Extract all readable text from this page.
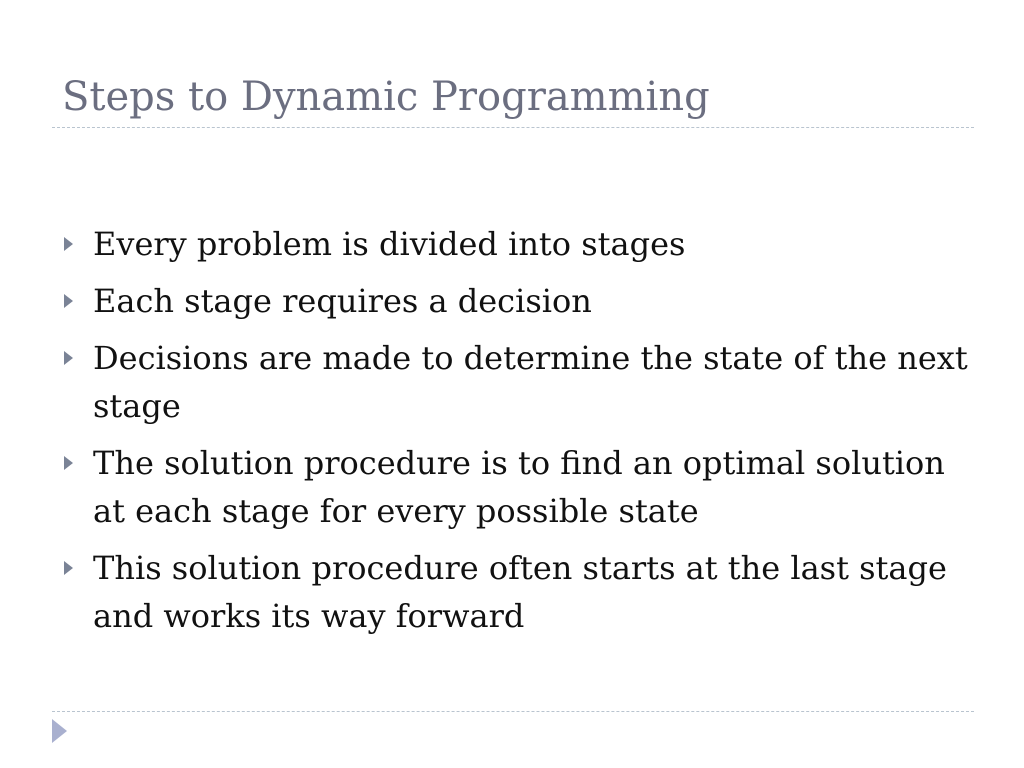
Steps to Dynamic Programming
Every problem is divided into stages
Each stage requires a decision
Decisions are made to determine the state of the next stage
The solution procedure is to find an optimal solution at each stage for every possible state
This solution procedure often starts at the last stage and works its way forward
